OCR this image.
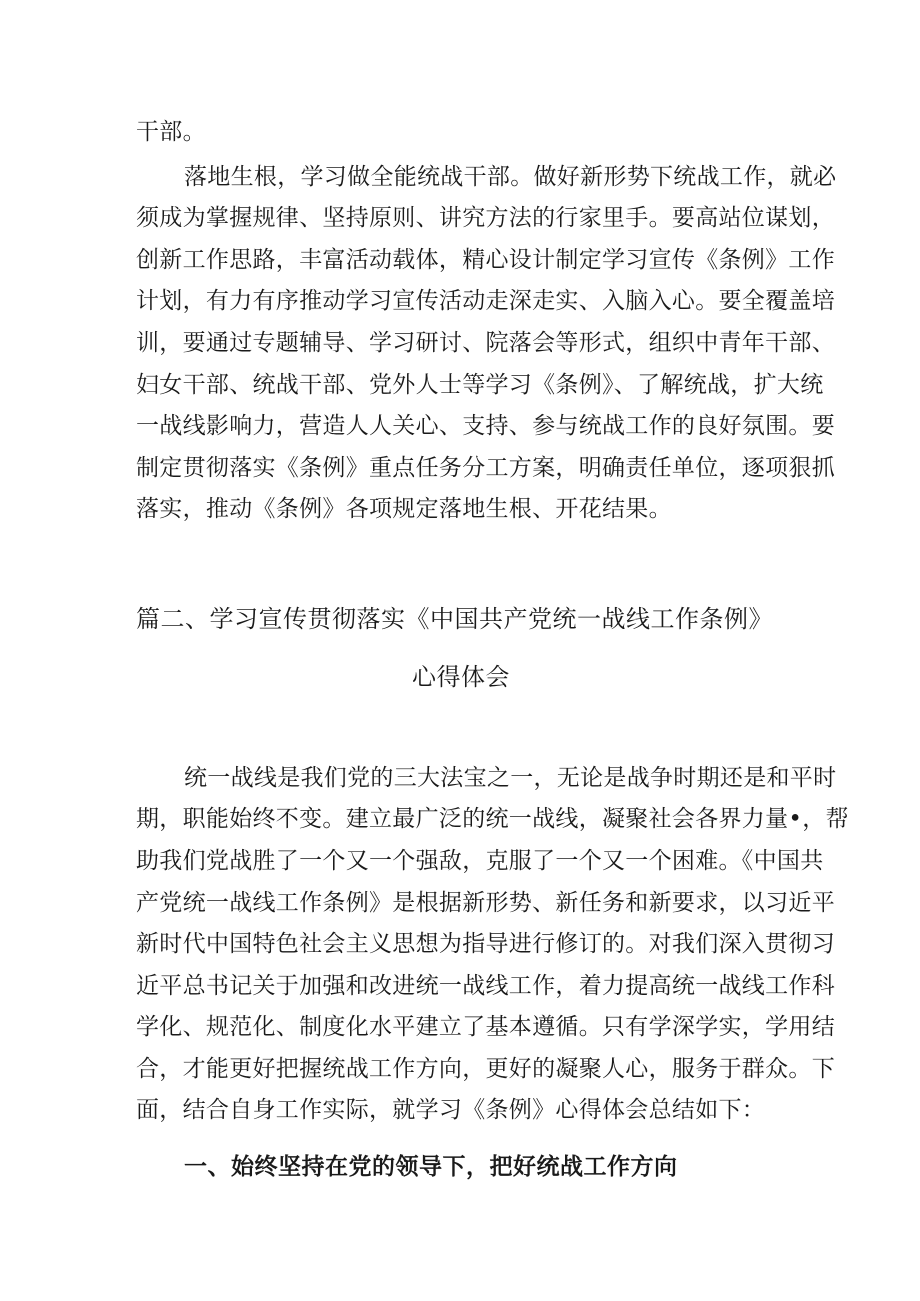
干部。
落地生根，学习做全能统战干部。做好新形势下统战工作，就必
须成为掌握规律、坚持原则、讲究方法的行家里手。要高站位谋划，
创新工作思路，丰富活动载体，精心设计制定学习宣传《条例》工作
计划，有力有序推动学习宣传活动走深走实、入脑入心。要全覆盖培
训，要通过专题辅导、学习研讨、院落会等形式，组织中青年干部、
妇女干部、统战干部、党外人士等学习《条例》、了解统战，扩大统
一战线影响力，营造人人关心、支持、参与统战工作的良好氛围。要
制定贯彻落实《条例》重点任务分工方案，明确责任单位，逐项狠抓
落实，推动《条例》各项规定落地生根、开花结果。
篇二、学习宣传贯彻落实《中国共产党统一战线工作条例》
心得体会
统一战线是我们党的三大法宝之一，无论是战争时期还是和平时
期，职能始终不变。建立最广泛的统一战线，凝聚社会各界力量•，帮
助我们党战胜了一个又一个强敌，克服了一个又一个困难。《中国共
产党统一战线工作条例》是根据新形势、新任务和新要求，以习近平
新时代中国特色社会主义思想为指导进行修订的。对我们深入贯彻习
近平总书记关于加强和改进统一战线工作，着力提高统一战线工作科
学化、规范化、制度化水平建立了基本遵循。只有学深学实，学用结
合，才能更好把握统战工作方向，更好的凝聚人心，服务于群众。下
面，结合自身工作实际，就学习《条例》心得体会总结如下：
一、始终坚持在党的领导下，把好统战工作方向
